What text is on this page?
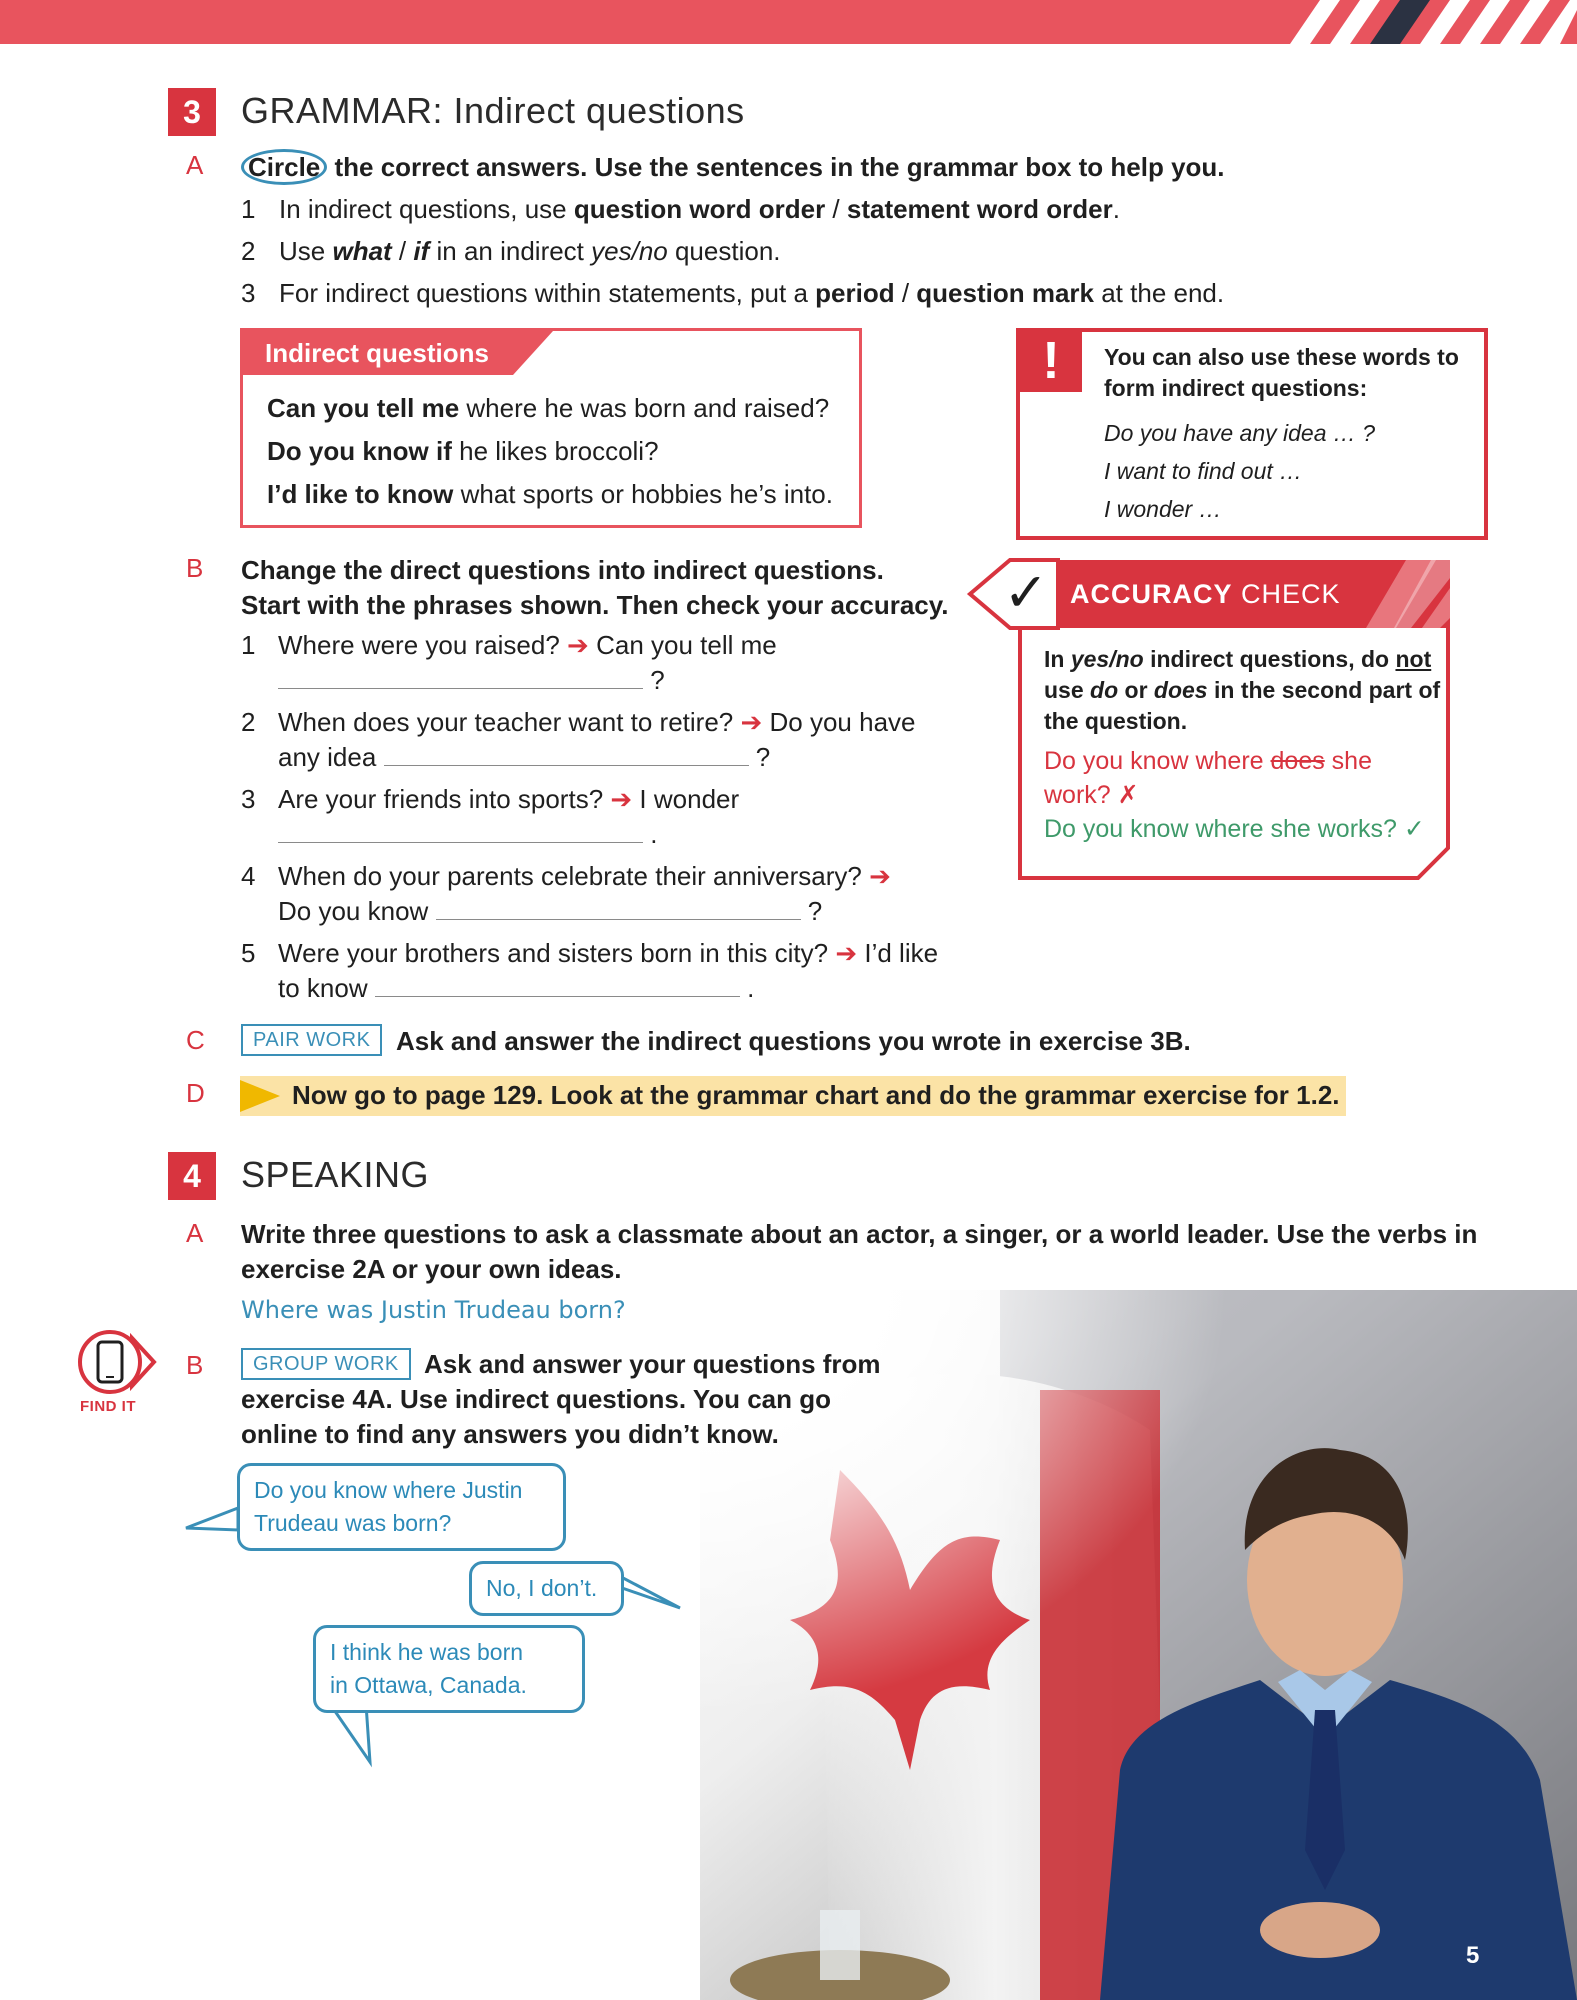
3	GRAMMAR: Indirect questions
A	Circle the correct answers. Use the sentences in the grammar box to help you.
1 In indirect questions, use question word order / statement word order.
2 Use what / if in an indirect yes/no question.
3 For indirect questions within statements, put a period / question mark at the end.
Indirect questions
Can you tell me where he was born and raised?
Do you know if he likes broccoli?
I’d like to know what sports or hobbies he’s into.
!	You can also use these words to form indirect questions:
Do you have any idea … ?
I want to find out …
I wonder …
B	Change the direct questions into indirect questions.
Start with the phrases shown. Then check your accuracy.
1 Where were you raised? ➔ Can you tell me
?
2 When does your teacher want to retire? ➔ Do you have
any idea	?
3 Are your friends into sports? ➔ I wonder
.
4 When do your parents celebrate their anniversary? ➔
Do you know	?
5 Were your brothers and sisters born in this city? ➔ I’d like
to know	.
✓ ACCURACY CHECK
In yes/no indirect questions, do not use do or does in the second part of the question.
Do you know where does she
work? ✗
Do you know where she works? ✓
C	PAIR WORK Ask and answer the indirect questions you wrote in exercise 3B.
D	Now go to page 129. Look at the grammar chart and do the grammar exercise for 1.2.
4	SPEAKING
A	Write three questions to ask a classmate about an actor, a singer, or a world leader. Use the verbs in
exercise 2A or your own ideas.
Where was Justin Trudeau born?
FIND IT
B	GROUP WORK Ask and answer your questions from
exercise 4A. Use indirect questions. You can go
online to find any answers you didn’t know.
Do you know where Justin
Trudeau was born?
No, I don’t.
I think he was born
in Ottawa, Canada.
5
